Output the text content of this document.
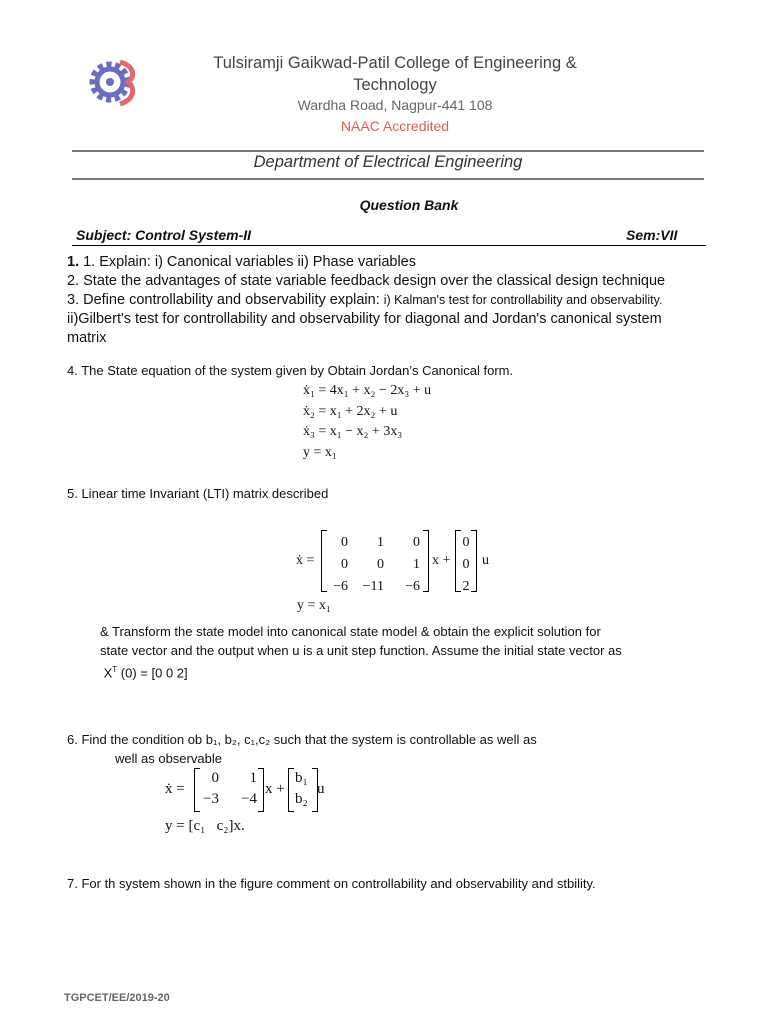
Tulsiramji Gaikwad-Patil College of Engineering &
Technology
Wardha Road, Nagpur-441 108
NAAC Accredited
Department of Electrical Engineering
Question Bank
Subject: Control System-II	Sem:VII
1. 1. Explain: i) Canonical variables ii) Phase variables
2. State the advantages of state variable feedback design over the classical design technique
3. Define controllability and observability explain: i) Kalman's test for controllability and observability.
ii)Gilbert's test for controllability and observability for diagonal and Jordan's canonical system
matrix
4. The State equation of the system given by Obtain Jordan’s Canonical form.
ẋ₁ = 4x₁ + x₂ − 2x₃ + u
ẋ₂ = x₁ + 2x₂ + u
ẋ₃ = x₁ − x₂ + 3x₃
y = x₁
5. Linear time Invariant (LTI) matrix described
ẋ =
0	1	0
0	0	1
−6	−11	−6
x +
0
0
2
u
y = x₁
& Transform the state model into canonical state model & obtain the explicit solution for
state vector and the output when u is a unit step function. Assume the initial state vector as
$X^T$ (0) = [0 0 2]
6. Find the condition ob b₁, b₂, c₁,c₂ such that the system is controllable as well as
well as observable
ẋ =
0	1
−3	−4
x +
b₁
b₂
u
y = [c₁   c₂]x.
7. For th system shown in the figure comment on controllability and observability and stbility.
TGPCET/EE/2019-20
